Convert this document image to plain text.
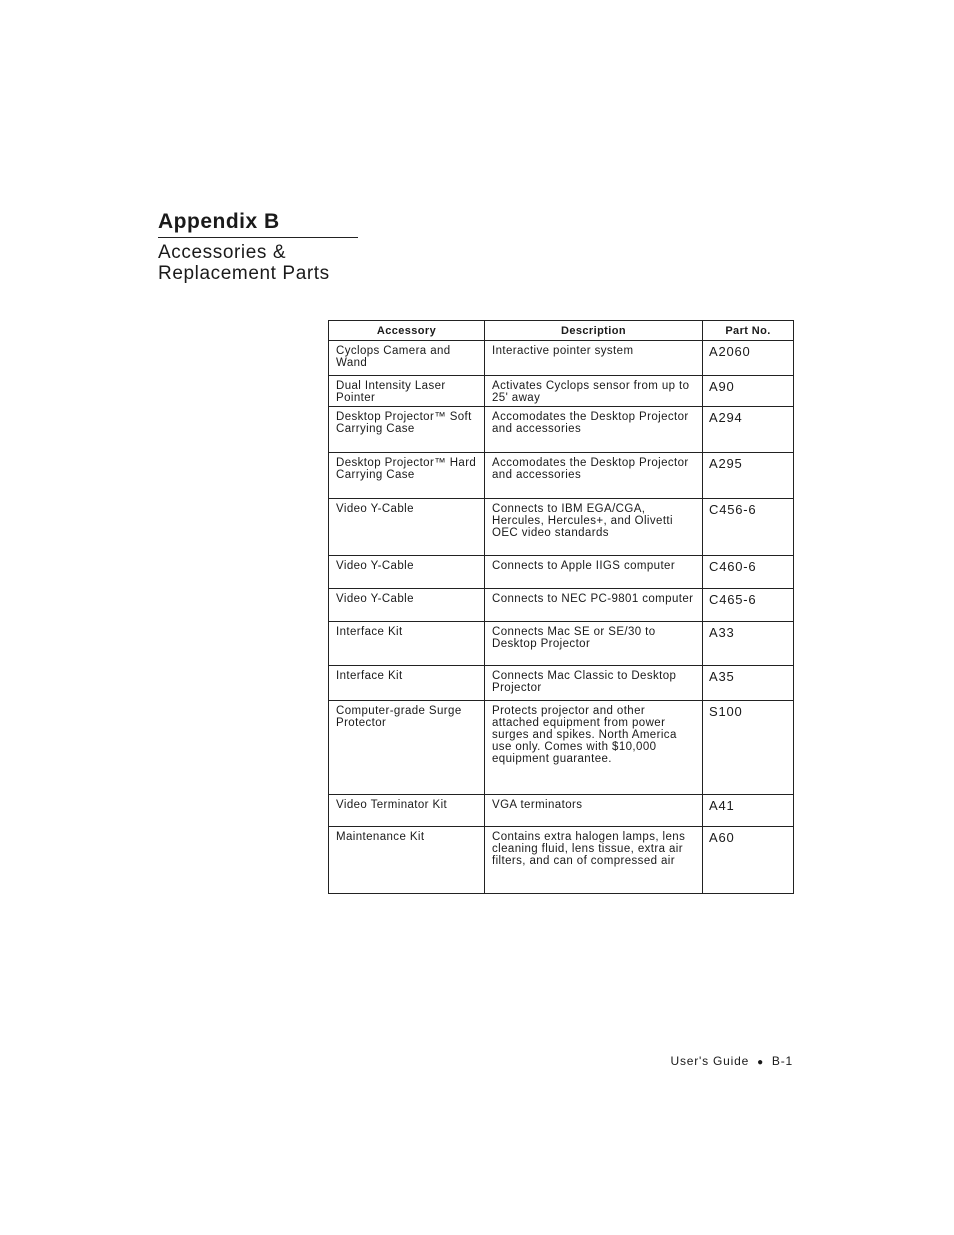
Appendix B
Accessories & Replacement Parts
Accessory	Description	Part No.
Cyclops Camera and Wand	Interactive pointer system	A2060
Dual Intensity Laser Pointer	Activates Cyclops sensor from up to 25' away	A90
Desktop Projector™ Soft Carrying Case	Accomodates the Desktop Projector and accessories	A294
Desktop Projector™ Hard Carrying Case	Accomodates the Desktop Projector and accessories	A295
Video Y-Cable	Connects to IBM EGA/CGA, Hercules, Hercules+, and Olivetti OEC video standards	C456-6
Video Y-Cable	Connects to Apple IIGS computer	C460-6
Video Y-Cable	Connects to NEC PC-9801 computer	C465-6
Interface Kit	Connects Mac SE or SE/30 to Desktop Projector	A33
Interface Kit	Connects Mac Classic to Desktop Projector	A35
Computer-grade Surge Protector	Protects projector and other attached equipment from power surges and spikes. North America use only. Comes with $10,000 equipment guarantee.	S100
Video Terminator Kit	VGA terminators	A41
Maintenance Kit	Contains extra halogen lamps, lens cleaning fluid, lens tissue, extra air filters, and can of compressed air	A60
User's Guide ● B-1
